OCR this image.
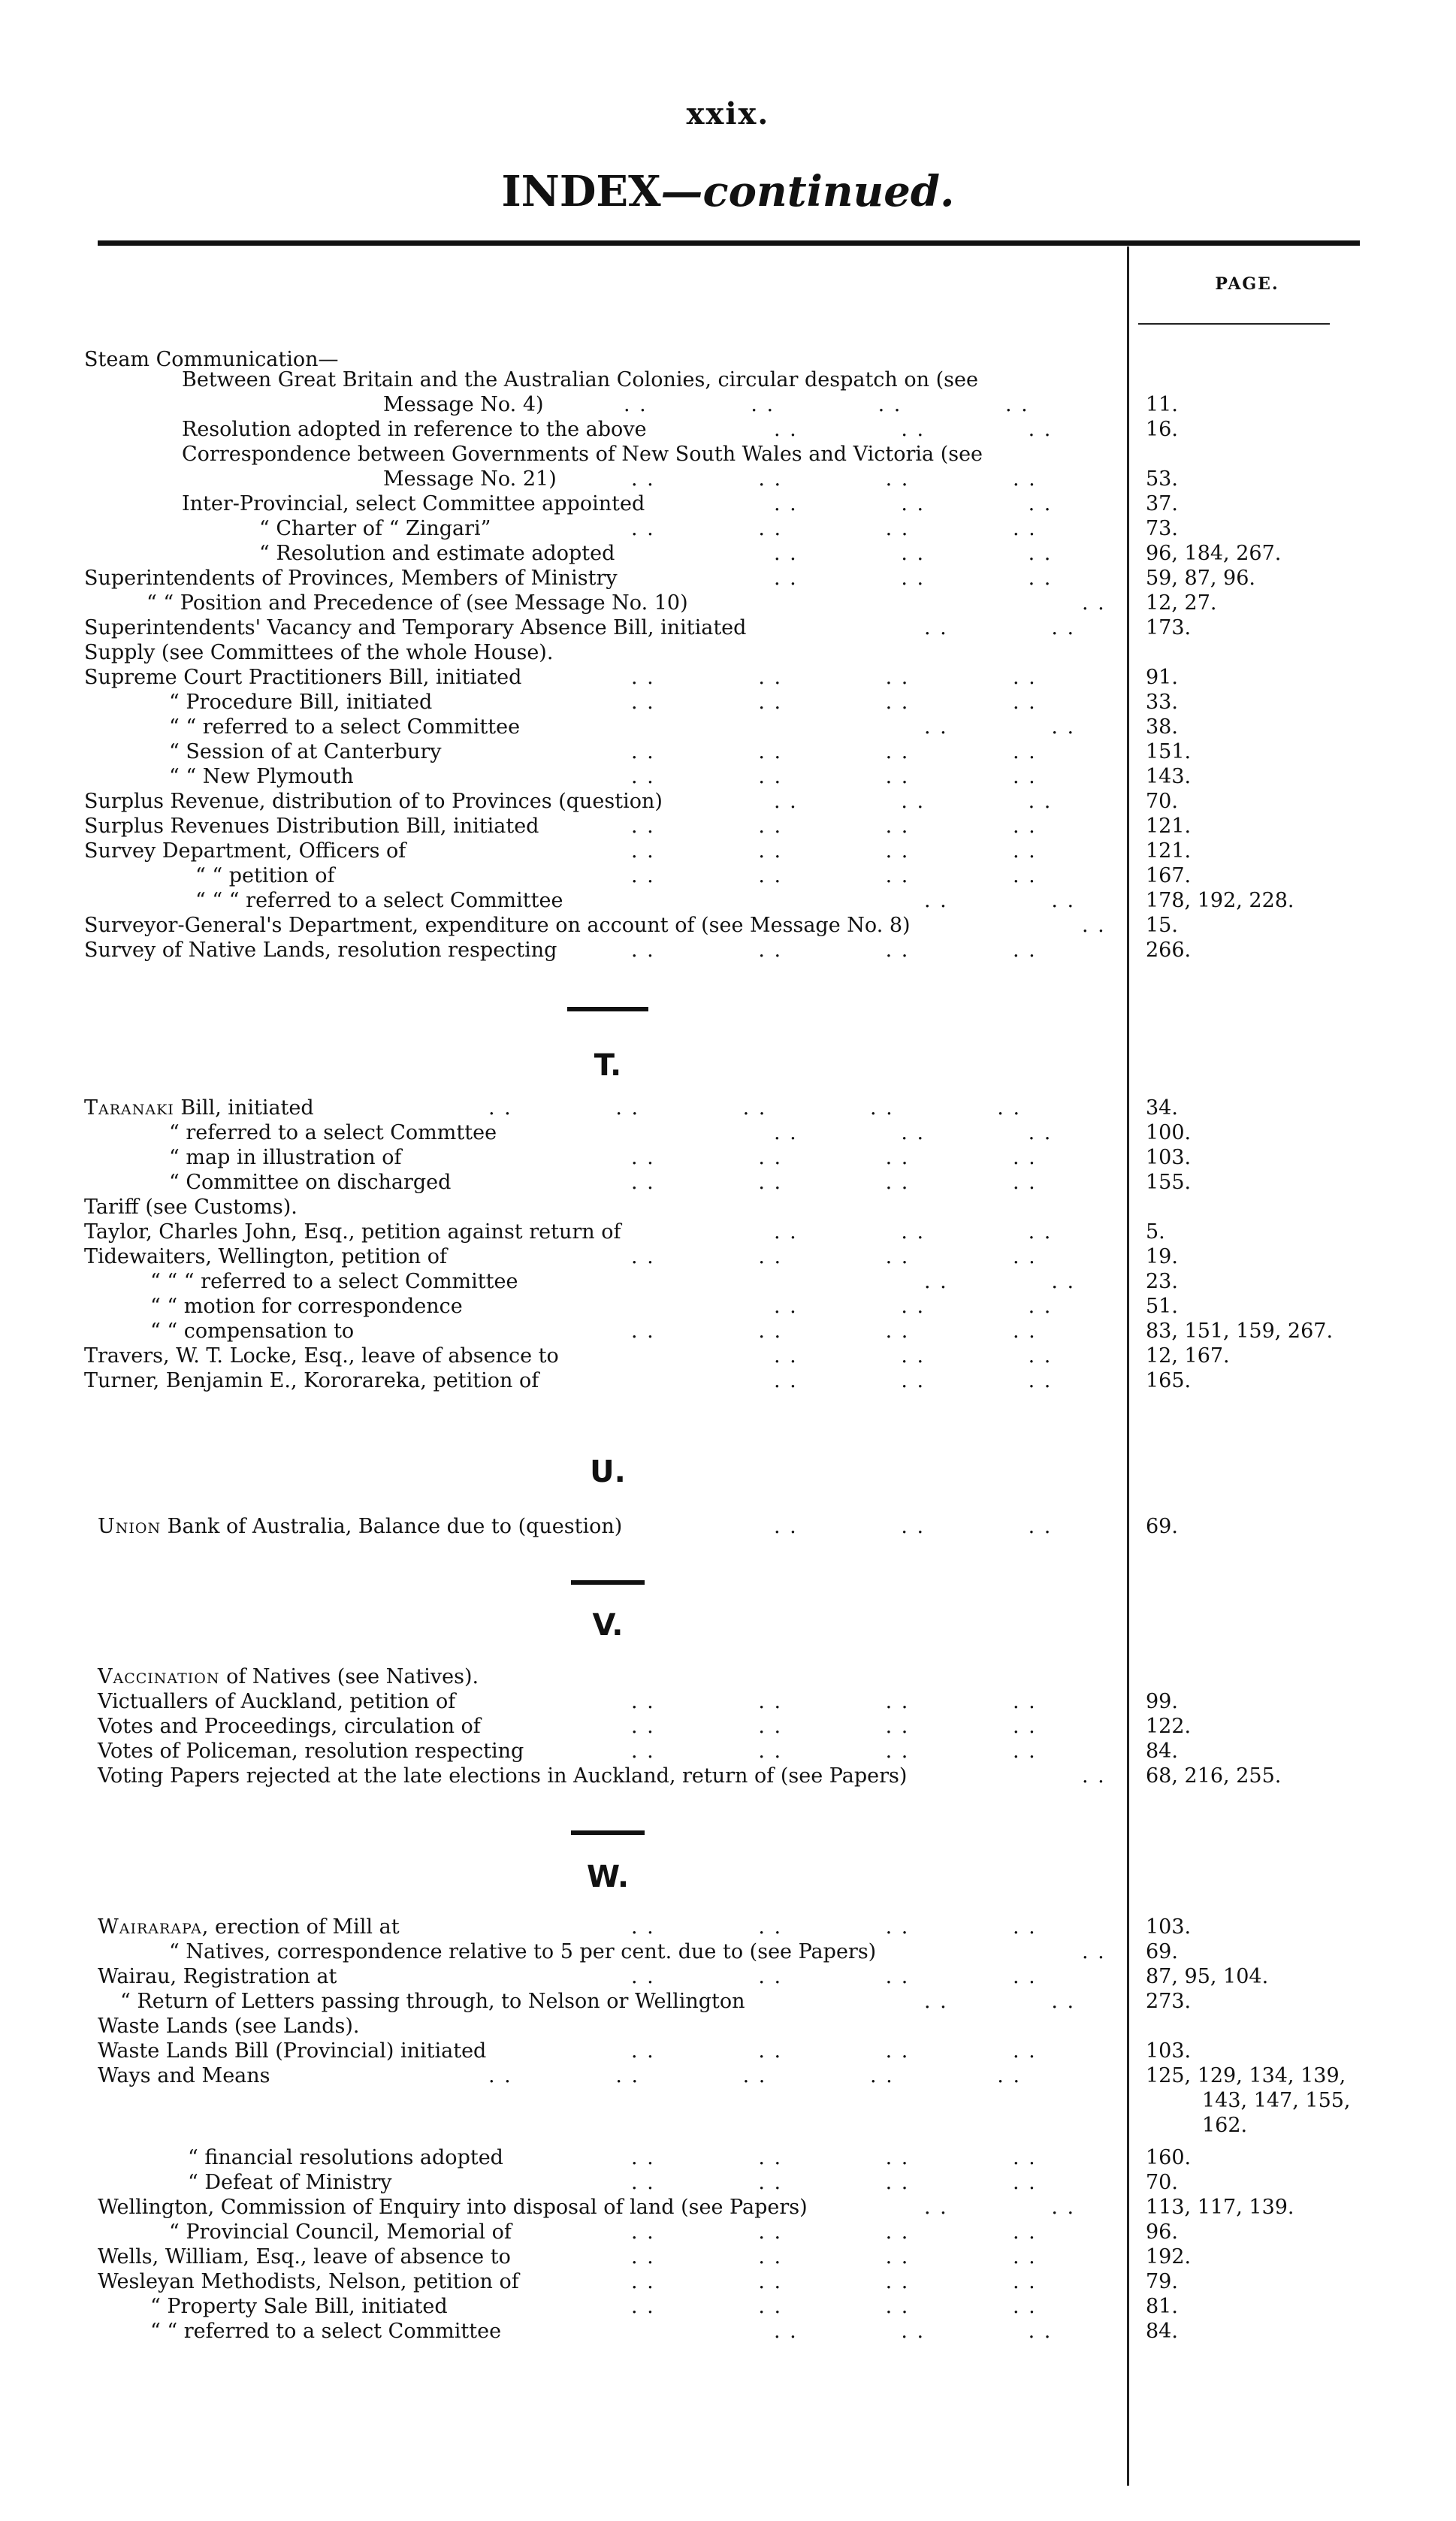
xxix.
INDEX—continued.
PAGE.
Steam Communication—
Between Great Britain and the Australian Colonies, circular despatch on (see
Message No. 4)	. .             . .             . .             . .	11.
Resolution adopted in reference to the above	. .             . .             . .	16.
Correspondence between Governments of New South Wales and Victoria (see
Message No. 21)	. .             . .             . .             . .	53.
Inter-Provincial, select Committee appointed	. .             . .             . .	37.
“ Charter of “ Zingari”	. .             . .             . .             . .	73.
“ Resolution and estimate adopted	. .             . .             . .	96, 184, 267.
Superintendents of Provinces, Members of Ministry	. .             . .             . .	59, 87, 96.
“ “ Position and Precedence of (see Message No. 10)	. .	12, 27.
Superintendents' Vacancy and Temporary Absence Bill, initiated	. .             . .	173.
Supply (see Committees of the whole House).
Supreme Court Practitioners Bill, initiated	. .             . .             . .             . .	91.
“ Procedure Bill, initiated	. .             . .             . .             . .	33.
“ “ referred to a select Committee	. .             . .	38.
“ Session of at Canterbury	. .             . .             . .             . .	151.
“ “ New Plymouth	. .             . .             . .             . .	143.
Surplus Revenue, distribution of to Provinces (question)	. .             . .             . .	70.
Surplus Revenues Distribution Bill, initiated	. .             . .             . .             . .	121.
Survey Department, Officers of	. .             . .             . .             . .	121.
“ “ petition of	. .             . .             . .             . .	167.
“ “ “ referred to a select Committee	. .             . .	178, 192, 228.
Surveyor-General's Department, expenditure on account of (see Message No. 8)	. .	15.
Survey of Native Lands, resolution respecting	. .             . .             . .             . .	266.
T.
Taranaki Bill, initiated	. .             . .             . .             . .             . .	34.
“ referred to a select Commttee	. .             . .             . .	100.
“ map in illustration of	. .             . .             . .             . .	103.
“ Committee on discharged	. .             . .             . .             . .	155.
Tariff (see Customs).
Taylor, Charles John, Esq., petition against return of	. .             . .             . .	5.
Tidewaiters, Wellington, petition of	. .             . .             . .             . .	19.
“ “ “ referred to a select Committee	. .             . .	23.
“ “ motion for correspondence	. .             . .             . .	51.
“ “ compensation to	. .             . .             . .             . .	83, 151, 159, 267.
Travers, W. T. Locke, Esq., leave of absence to	. .             . .             . .	12, 167.
Turner, Benjamin E., Kororareka, petition of	. .             . .             . .	165.
U.
Union Bank of Australia, Balance due to (question)	. .             . .             . .	69.
V.
Vaccination of Natives (see Natives).
Victuallers of Auckland, petition of	. .             . .             . .             . .	99.
Votes and Proceedings, circulation of	. .             . .             . .             . .	122.
Votes of Policeman, resolution respecting	. .             . .             . .             . .	84.
Voting Papers rejected at the late elections in Auckland, return of (see Papers)	. .	68, 216, 255.
W.
Wairarapa, erection of Mill at	. .             . .             . .             . .	103.
“ Natives, correspondence relative to 5 per cent. due to (see Papers)	. .	69.
Wairau, Registration at	. .             . .             . .             . .	87, 95, 104.
“ Return of Letters passing through, to Nelson or Wellington	. .             . .	273.
Waste Lands (see Lands).
Waste Lands Bill (Provincial) initiated	. .             . .             . .             . .	103.
Ways and Means	. .             . .             . .             . .             . .	125, 129, 134, 139,
143, 147, 155,
162.
“ financial resolutions adopted	. .             . .             . .             . .	160.
“ Defeat of Ministry	. .             . .             . .             . .	70.
Wellington, Commission of Enquiry into disposal of land (see Papers)	. .             . .	113, 117, 139.
“ Provincial Council, Memorial of	. .             . .             . .             . .	96.
Wells, William, Esq., leave of absence to	. .             . .             . .             . .	192.
Wesleyan Methodists, Nelson, petition of	. .             . .             . .             . .	79.
“ Property Sale Bill, initiated	. .             . .             . .             . .	81.
“ “ referred to a select Committee	. .             . .             . .	84.
